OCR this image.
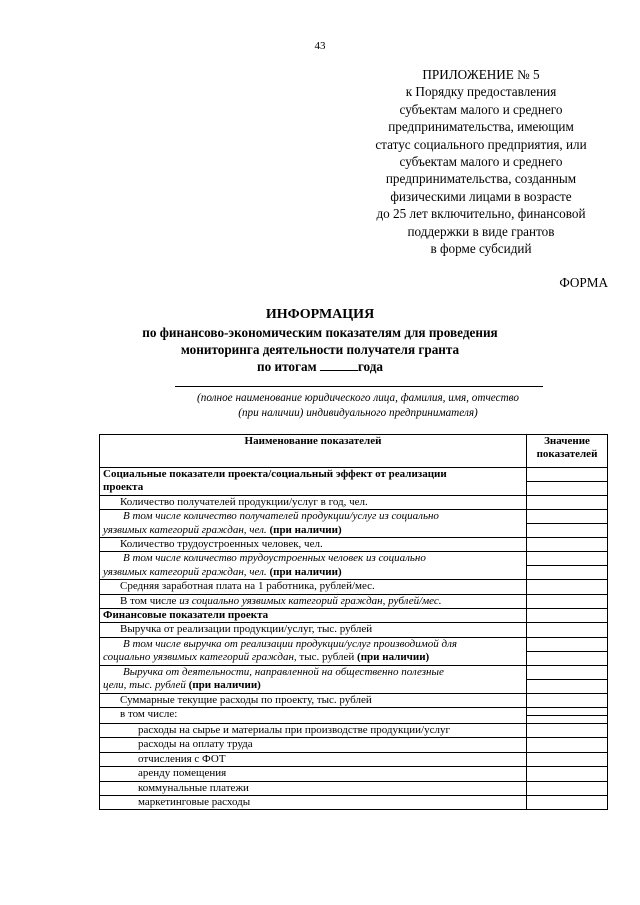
43
ПРИЛОЖЕНИЕ № 5
к Порядку предоставления
субъектам малого и среднего
предпринимательства, имеющим
статус социального предприятия, или
субъектам малого и среднего
предпринимательства, созданным
физическими лицами в возрасте
до 25 лет включительно, финансовой
поддержки в виде грантов
в форме субсидий
ФОРМА
ИНФОРМАЦИЯ
по финансово-экономическим показателям для проведения
мониторинга деятельности получателя гранта
по итогам	года
(полное наименование юридического лица, фамилия, имя, отчество
(при наличии) индивидуального предпринимателя)
Наименование показателей	Значение
показателей

Социальные показатели проекта/социальный эффект от реализации
проекта	

Количество получателей продукции/услуг в год, чел.	

В том числе количество получателей продукции/услуг из социально
уязвимых категорий граждан, чел. (при наличии)	

Количество трудоустроенных человек, чел.	

В том числе количество трудоустроенных человек из социально
уязвимых категорий граждан, чел. (при наличии)	

Средняя заработная плата на 1 работника, рублей/мес.	
В том числе из социально уязвимых категорий граждан, рублей/мес.	
Финансовые показатели проекта	
Выручка от реализации продукции/услуг, тыс. рублей	

В том числе выручка от реализации продукции/услуг производимой для
социально уязвимых категорий граждан, тыс. рублей (при наличии)	

Выручка от деятельности, направленной на общественно полезные
цели, тыс. рублей (при наличии)	

Суммарные текущие расходы по проекту, тыс. рублей	
в том числе:	

расходы на сырье и материалы при производстве продукции/услуг	
расходы на оплату труда	
отчисления с ФОТ	
аренду помещения	
коммунальные платежи	
маркетинговые расходы	
